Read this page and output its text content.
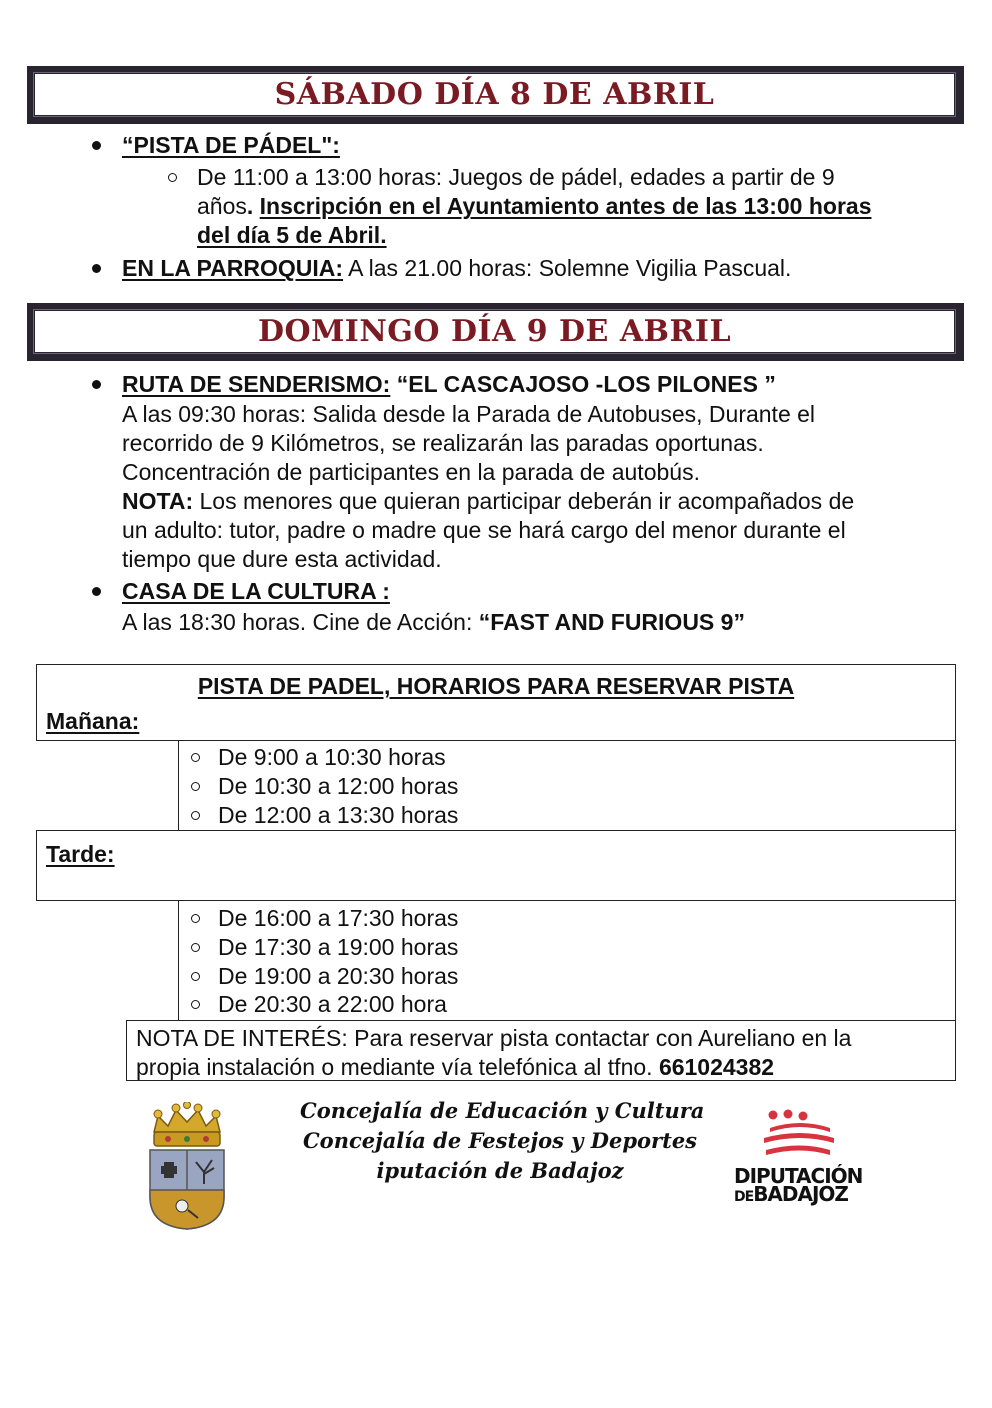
SÁBADO DÍA 8 DE ABRIL
“PISTA DE PÁDEL":
De 11:00 a 13:00 horas: Juegos de pádel, edades a partir de 9
años. Inscripción en el Ayuntamiento antes de las 13:00 horas
del día 5 de Abril.
EN LA PARROQUIA: A las 21.00 horas: Solemne Vigilia Pascual.
DOMINGO DÍA 9 DE ABRIL
RUTA DE SENDERISMO: “EL CASCAJOSO -LOS PILONES ”
A las 09:30 horas: Salida desde la Parada de Autobuses, Durante el
recorrido de 9 Kilómetros, se realizarán las paradas oportunas.
Concentración de participantes en la parada de autobús.
NOTA: Los menores que quieran participar deberán ir acompañados de
un adulto: tutor, padre o madre que se hará cargo del menor durante el
tiempo que dure esta actividad.
CASA DE LA CULTURA :
A las 18:30 horas. Cine de Acción: “FAST AND FURIOUS 9”
PISTA DE PADEL, HORARIOS PARA RESERVAR PISTA
Mañana:
De 9:00 a 10:30 horas
De 10:30 a 12:00 horas
De 12:00 a 13:30 horas
Tarde:
De 16:00 a 17:30 horas
De 17:30 a 19:00 horas
De 19:00 a 20:30 horas
De 20:30 a 22:00 hora
NOTA DE INTERÉS: Para reservar pista contactar con Aureliano en la
propia instalación o mediante vía telefónica al tfno. 661024382
Concejalía de Educación y Cultura
Concejalía de Festejos y Deportes
iputación de Badajoz	DIPUTACIÓN
DEBADAJOZ
